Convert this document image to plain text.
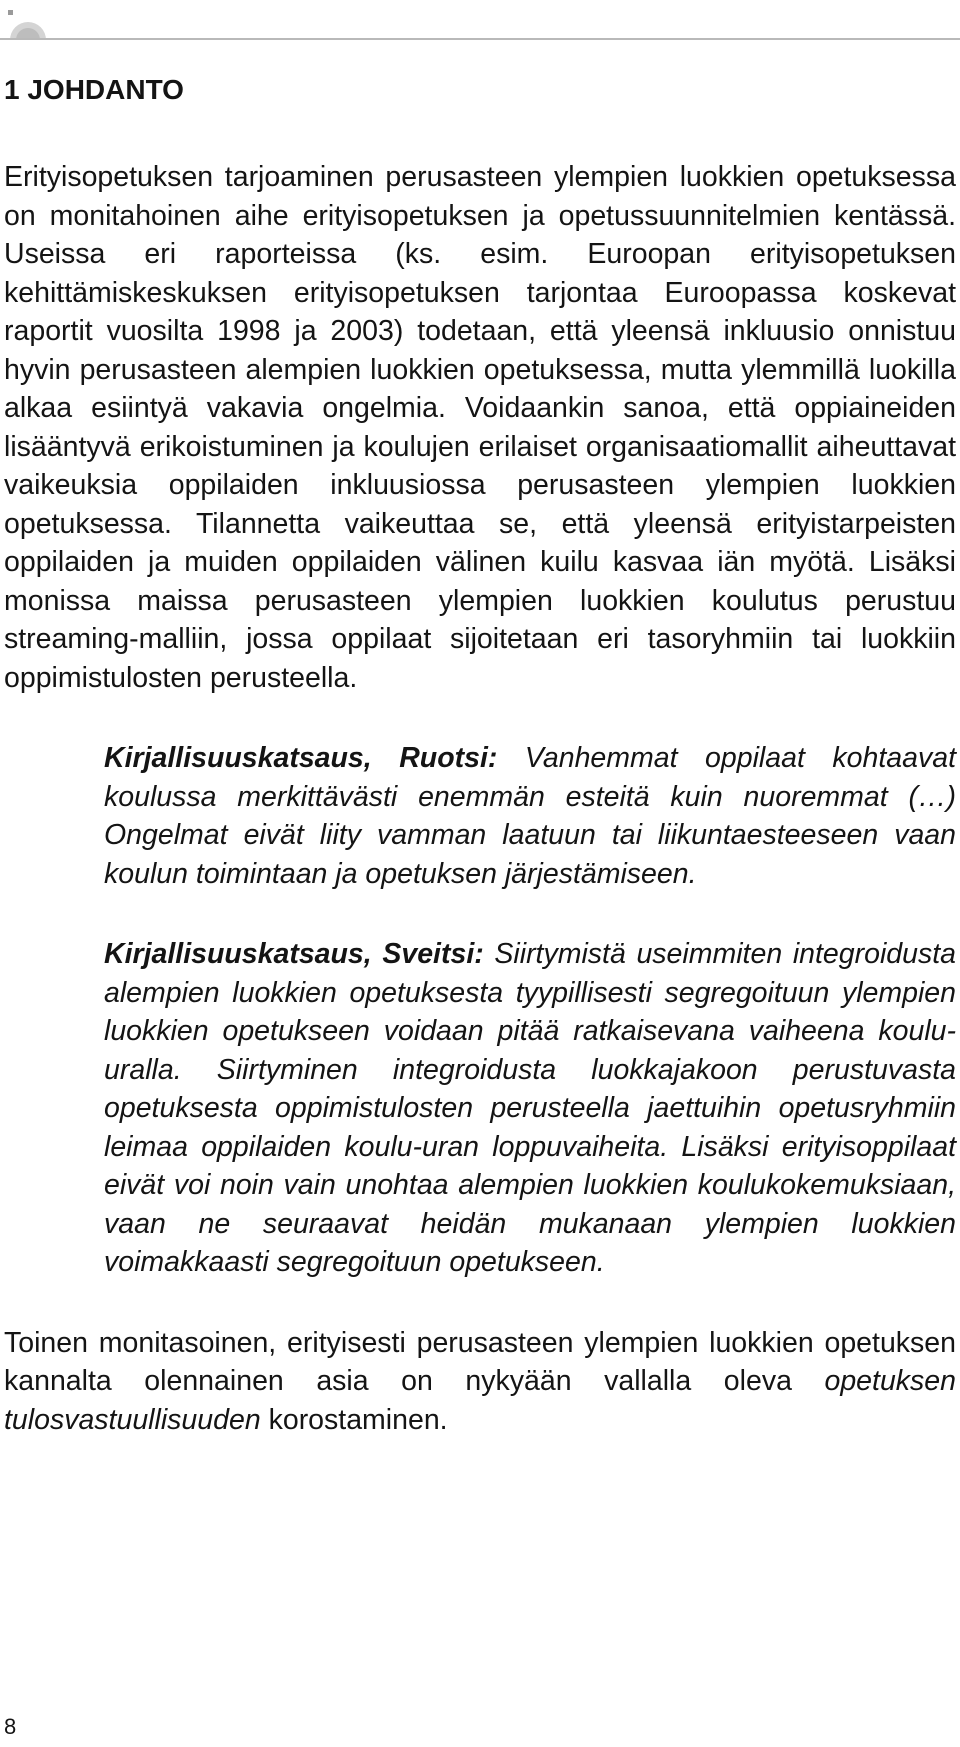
1 JOHDANTO

Erityisopetuksen tarjoaminen perusasteen ylempien luokkien opetuksessa on monitahoinen aihe erityisopetuksen ja opetussuunnitelmien kentässä. Useissa eri raporteissa (ks. esim. Euroopan erityisopetuksen kehittämiskeskuksen erityisopetuksen tarjontaa Euroopassa koskevat raportit vuosilta 1998 ja 2003) todetaan, että yleensä inkluusio onnistuu hyvin perusasteen alempien luokkien opetuksessa, mutta ylemmillä luokilla alkaa esiintyä vakavia ongelmia. Voidaankin sanoa, että oppiaineiden lisääntyvä erikoistuminen ja koulujen erilaiset organisaatiomallit aiheuttavat vaikeuksia oppilaiden inkluusiossa perusasteen ylempien luokkien opetuksessa. Tilannetta vaikeuttaa se, että yleensä erityistarpeisten oppilaiden ja muiden oppilaiden välinen kuilu kasvaa iän myötä. Lisäksi monissa maissa perusasteen ylempien luokkien koulutus perustuu streaming-malliin, jossa oppilaat sijoitetaan eri tasoryhmiin tai luokkiin oppimistulosten perusteella.

Kirjallisuuskatsaus, Ruotsi: Vanhemmat oppilaat kohtaavat koulussa merkittävästi enemmän esteitä kuin nuoremmat (…) Ongelmat eivät liity vamman laatuun tai liikuntaesteeseen vaan koulun toimintaan ja opetuksen järjestämiseen.

Kirjallisuuskatsaus, Sveitsi: Siirtymistä useimmiten integroidusta alempien luokkien opetuksesta tyypillisesti segregoituun ylempien luokkien opetukseen voidaan pitää ratkaisevana vaiheena koulu-uralla. Siirtyminen integroidusta luokkajakoon perustuvasta opetuksesta oppimistulosten perusteella jaettuihin opetusryhmiin leimaa oppilaiden koulu-uran loppuvaiheita. Lisäksi erityisoppilaat eivät voi noin vain unohtaa alempien luokkien koulukokemuksiaan, vaan ne seuraavat heidän mukanaan ylempien luokkien voimakkaasti segregoituun opetukseen.

Toinen monitasoinen, erityisesti perusasteen ylempien luokkien opetuksen kannalta olennainen asia on nykyään vallalla oleva opetuksen tulosvastuullisuuden korostaminen.

8
